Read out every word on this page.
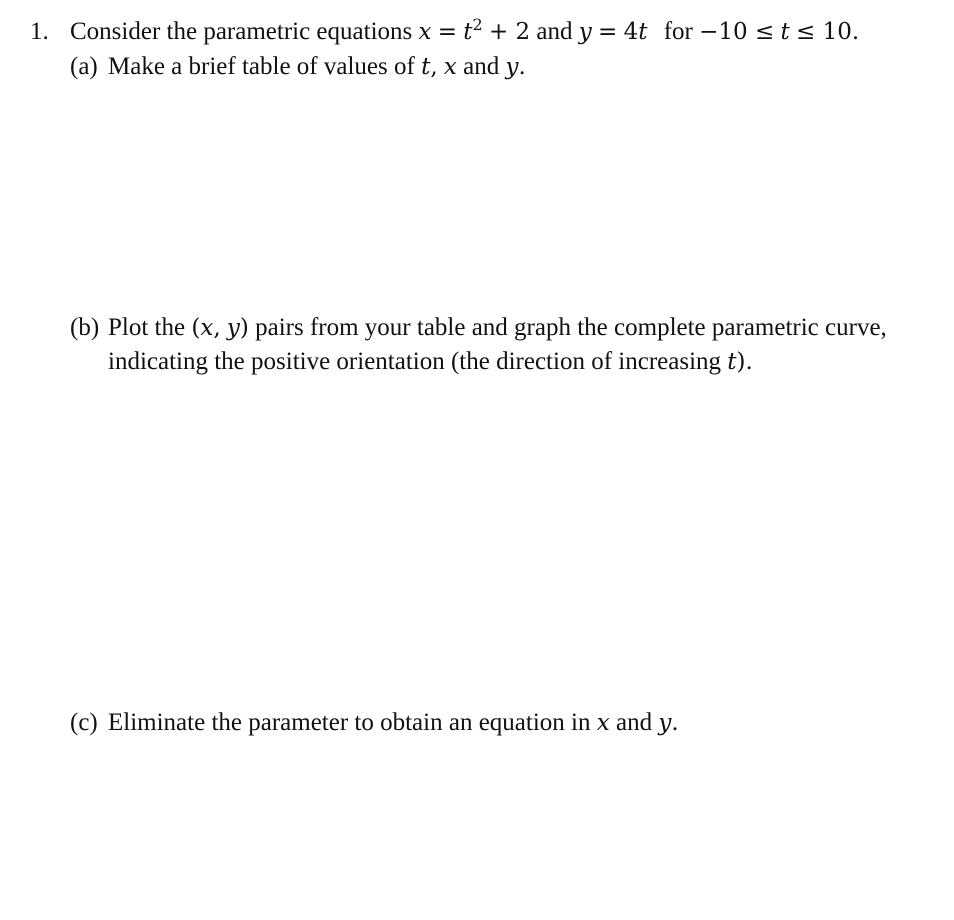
1. Consider the parametric equations $x = t^2 + 2$ and y = 4t for −10 ≤ t ≤ 10.
(a) Make a brief table of values of t, x and y.
(b) Plot the (x, y) pairs from your table and graph the complete parametric curve,
indicating the positive orientation (the direction of increasing t).
(c) Eliminate the parameter to obtain an equation in x and y.
